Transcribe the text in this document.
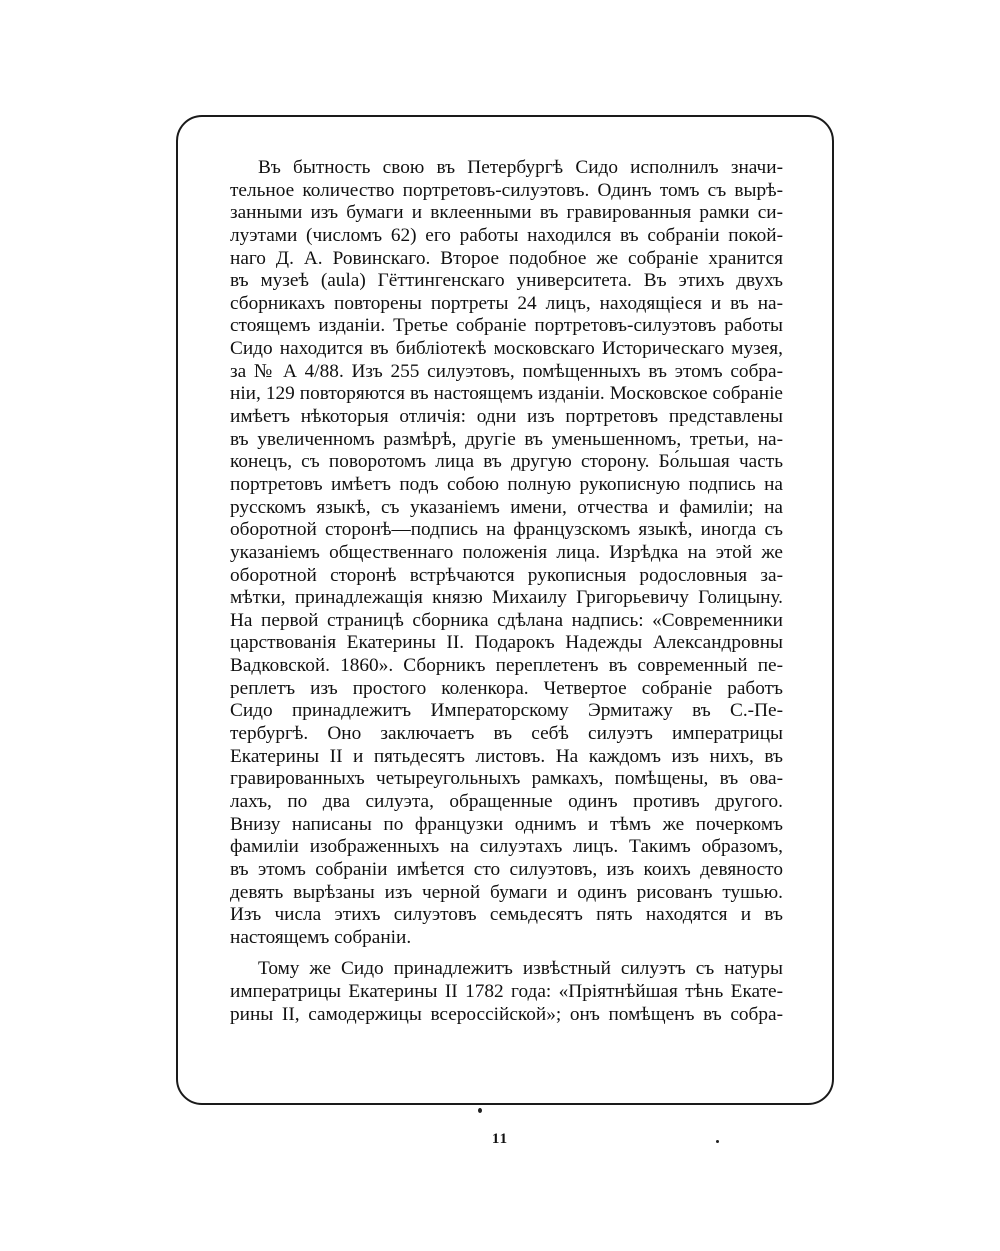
Въ бытность свою въ Петербургѣ Сидо исполнилъ значи-
тельное количество портретовъ-силуэтовъ. Одинъ томъ съ вырѣ-
занными изъ бумаги и вклеенными въ гравированныя рамки си-
луэтами (числомъ 62) его работы находился въ собраніи покой-
наго Д. А. Ровинскаго. Второе подобное же собраніе хранится
въ музеѣ (aula) Гёттингенскаго университета. Въ этихъ двухъ
сборникахъ повторены портреты 24 лицъ, находящіеся и въ на-
стоящемъ изданіи. Третье собраніе портретовъ-силуэтовъ работы
Сидо находится въ библіотекѣ московскаго Историческаго музея,
за № А 4/88. Изъ 255 силуэтовъ, помѣщенныхъ въ этомъ собра-
ніи, 129 повторяются въ настоящемъ изданіи. Московское собраніе
имѣетъ нѣкоторыя отличія: одни изъ портретовъ представлены
въ увеличенномъ размѣрѣ, другіе въ уменьшенномъ, третьи, на-
конецъ, съ поворотомъ лица въ другую сторону. Бо́льшая часть
портретовъ имѣетъ подъ собою полную рукописную подпись на
русскомъ языкѣ, съ указаніемъ имени, отчества и фамиліи; на
оборотной сторонѣ—подпись на французскомъ языкѣ, иногда съ
указаніемъ общественнаго положенія лица. Изрѣдка на этой же
оборотной сторонѣ встрѣчаются рукописныя родословныя за-
мѣтки, принадлежащія князю Михаилу Григорьевичу Голицыну.
На первой страницѣ сборника сдѣлана надпись: «Современники
царствованія Екатерины II. Подарокъ Надежды Александровны
Вадковской. 1860». Сборникъ переплетенъ въ современный пе-
реплетъ изъ простого коленкора. Четвертое собраніе работъ
Сидо принадлежитъ Императорскому Эрмитажу въ С.-Пе-
тербургѣ. Оно заключаетъ въ себѣ силуэтъ императрицы
Екатерины II и пятьдесятъ листовъ. На каждомъ изъ нихъ, въ
гравированныхъ четыреугольныхъ рамкахъ, помѣщены, въ ова-
лахъ, по два силуэта, обращенные одинъ противъ другого.
Внизу написаны по французки однимъ и тѣмъ же почеркомъ
фамиліи изображенныхъ на силуэтахъ лицъ. Такимъ образомъ,
въ этомъ собраніи имѣется сто силуэтовъ, изъ коихъ девяносто
девять вырѣзаны изъ черной бумаги и одинъ рисованъ тушью.
Изъ числа этихъ силуэтовъ семьдесятъ пять находятся и въ
настоящемъ собраніи.
Тому же Сидо принадлежитъ извѣстный силуэтъ съ натуры
императрицы Екатерины II 1782 года: «Пріятнѣйшая тѣнь Екате-
рины II, самодержицы всероссійской»; онъ помѣщенъ въ собра-
11
